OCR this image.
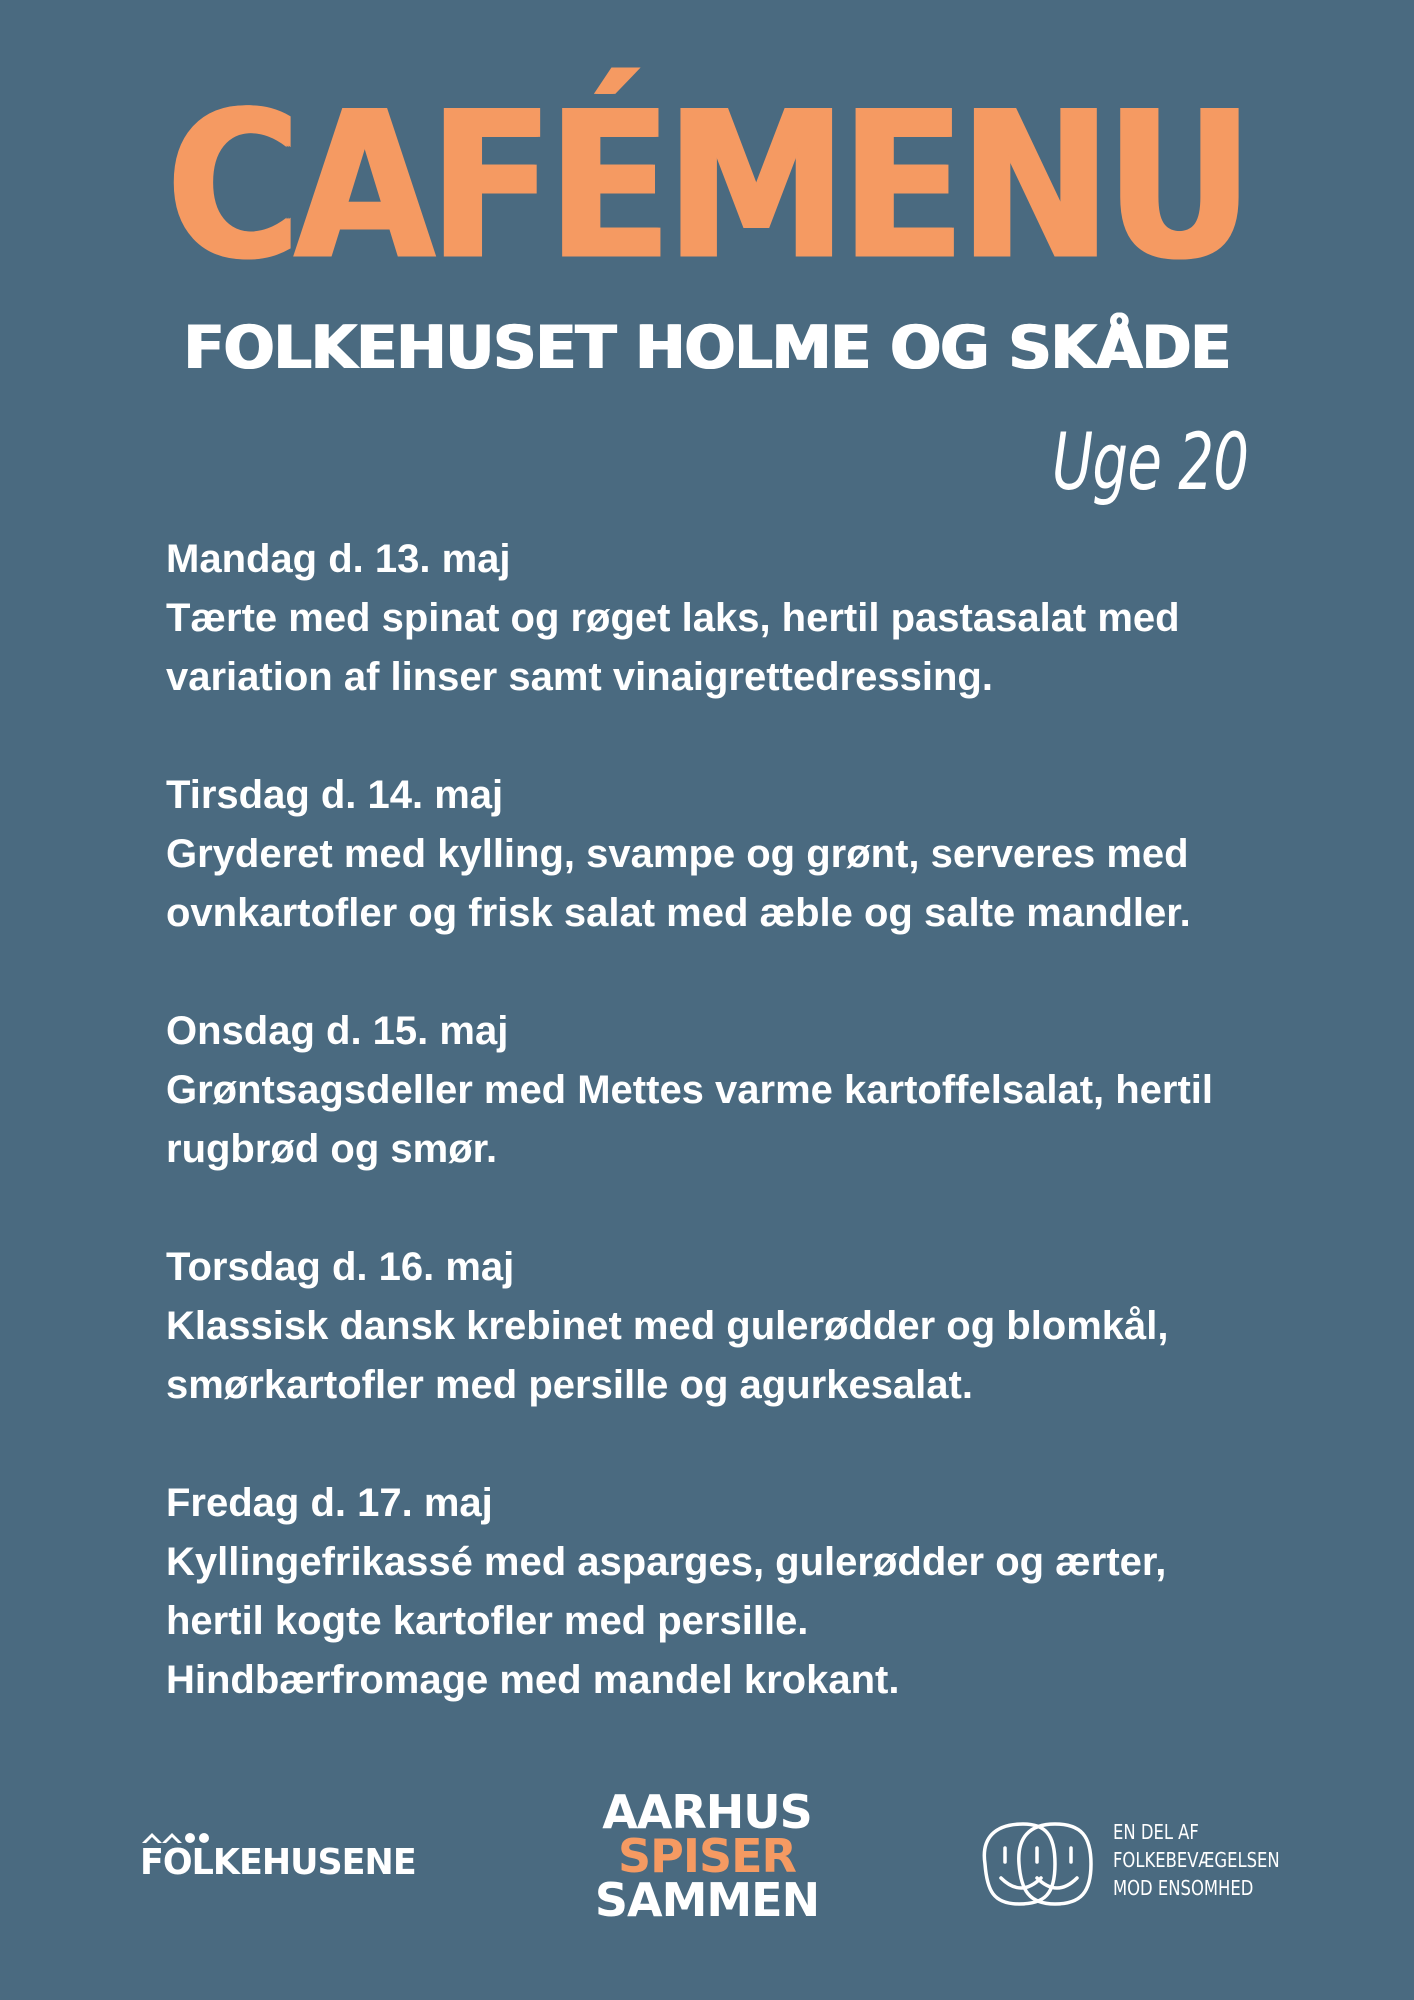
CAFÉMENU
FOLKEHUSET HOLME OG SKÅDE
Uge 20
Mandag d. 13. maj
Tærte med spinat og røget laks, hertil pastasalat med
variation af linser samt vinaigrettedressing.
Tirsdag d. 14. maj
Gryderet med kylling, svampe og grønt, serveres med
ovnkartofler og frisk salat med æble og salte mandler.
Onsdag d. 15. maj
Grøntsagsdeller med Mettes varme kartoffelsalat, hertil
rugbrød og smør.
Torsdag d. 16. maj
Klassisk dansk krebinet med gulerødder og blomkål,
smørkartofler med persille og agurkesalat.
Fredag d. 17. maj
Kyllingefrikassé med asparges, gulerødder og ærter,
hertil kogte kartofler med persille.
Hindbærfromage med mandel krokant.
FOLKEHUSENE
AARHUS
SPISER
SAMMEN
EN DEL AF
FOLKEBEVÆGELSEN
MOD ENSOMHED
